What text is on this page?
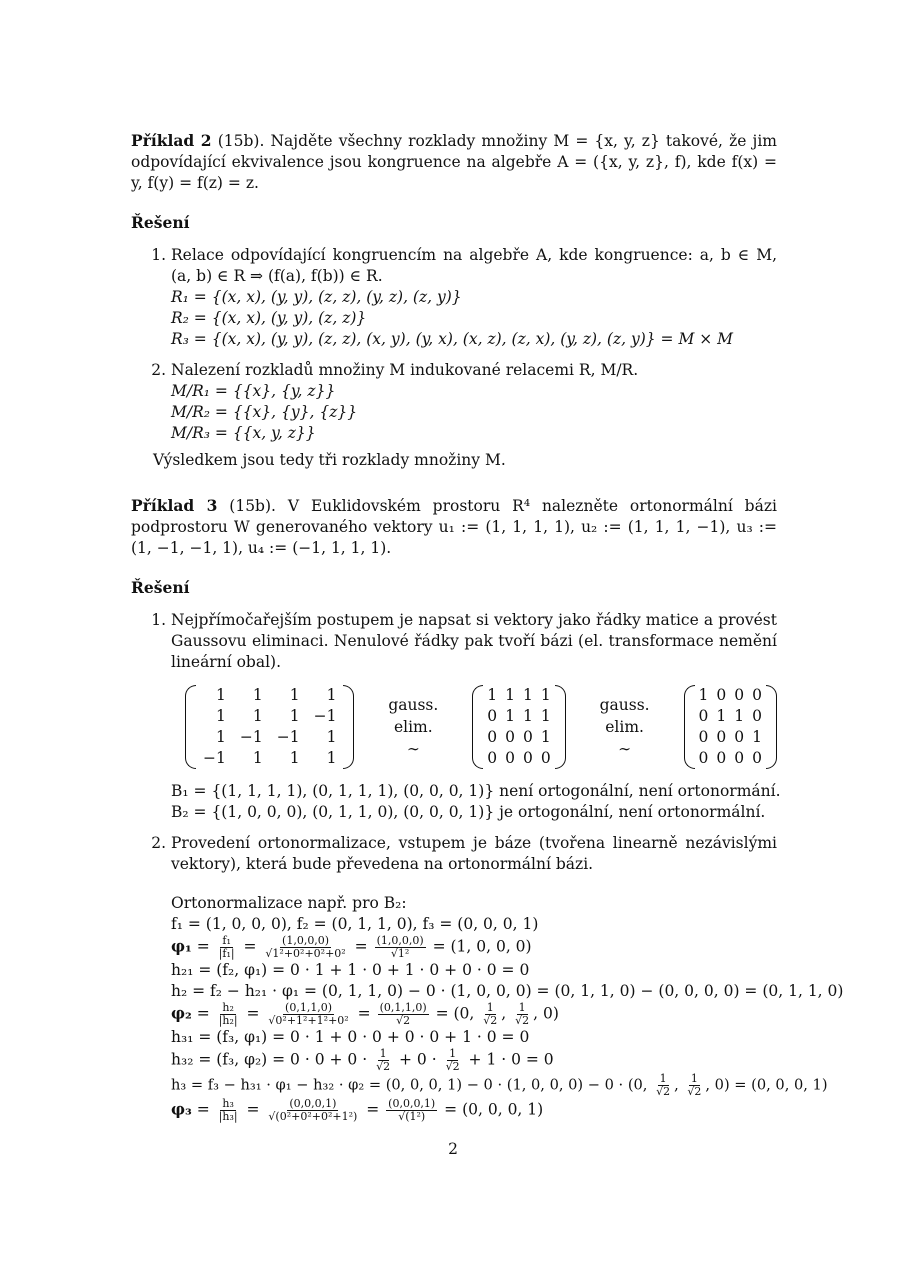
Příklad 2 (15b). Najděte všechny rozklady množiny M = {x, y, z} takové, že jim odpovídající ekvivalence jsou kongruence na algebře A = ({x, y, z}, f), kde f(x) = y, f(y) = f(z) = z.

Řešení

1. Relace odpovídající kongruencím na algebře A, kde kongruence: a, b ∈ M, (a, b) ∈ R ⇒ (f(a), f(b)) ∈ R.
R₁ = {(x, x), (y, y), (z, z), (y, z), (z, y)}
R₂ = {(x, x), (y, y), (z, z)}
R₃ = {(x, x), (y, y), (z, z), (x, y), (y, x), (x, z), (z, x), (y, z), (z, y)} = M × M
2. Nalezení rozkladů množiny M indukované relacemi R, M/R.
M/R₁ = {{x}, {y, z}}
M/R₂ = {{x}, {y}, {z}}
M/R₃ = {{x, y, z}}

Výsledkem jsou tedy tři rozklady množiny M.

Příklad 3 (15b). V Euklidovském prostoru R⁴ nalezněte ortonormální bázi podprostoru W generovaného vektory u₁ := (1, 1, 1, 1), u₂ := (1, 1, 1, −1), u₃ := (1, −1, −1, 1), u₄ := (−1, 1, 1, 1).

Řešení

1. Nejpřímočařejším postupem je napsat si vektory jako řádky matice a provést Gaussovu eliminaci. Nenulové řádky pak tvoří bázi (el. transformace nemění lineární obal).
1	1	1	1
1	1	1	−1
1	−1	−1	1
−1	1	1	1
gauss. elim.
∼
1	1	1	1
0	1	1	1
0	0	0	1
0	0	0	0
gauss. elim.
∼
1	0	0	0
0	1	1	0
0	0	0	1
0	0	0	0
B₁ = {(1, 1, 1, 1), (0, 1, 1, 1), (0, 0, 0, 1)} není ortogonální, není ortonormání.
B₂ = {(1, 0, 0, 0), (0, 1, 1, 0), (0, 0, 0, 1)} je ortogonální, není ortonormální.
2. Provedení ortonormalizace, vstupem je báze (tvořena linearně nezávislými vektory), která bude převedena na ortonormální bázi.
Ortonormalizace např. pro B₂:
f₁ = (1, 0, 0, 0), f₂ = (0, 1, 1, 0), f₃ = (0, 0, 0, 1)
$\varphi_1 = \frac{\text{f₁}}{\text{|f₁|}} = \frac{(1,0,0,0)}{\text{√1²+0²+0²+0²}} = \frac{(1,0,0,0)}{\text{√1²}} = (1$, 0, 0, 0)
h₂₁ = (f₂, φ₁) = 0 · 1 + 1 · 0 + 1 · 0 + 0 · 0 = 0
h₂ = f₂ − h₂₁ · φ₁ = (0, 1, 1, 0) − 0 · (1, 0, 0, 0) = (0, 1, 1, 0) − (0, 0, 0, 0) = (0, 1, 1, 0)
$\varphi_2 = \frac{\text{h₂}}{\text{|h₂|}} = \frac{(0,1,1,0)}{\text{√0²+1²+1²+0²}} = \frac{(0,1,1,0)}{√2} = (0$, $\frac{1}{√2}$ , $\frac{1}{√2}$ , 0)
h₃₁ = (f₃, φ₁) = 0 · 1 + 0 · 0 + 0 · 0 + 1 · 0 = 0
h₃₂ = (f₃, $\varphi_2) = 0 \cdot 0 + 0 \cdot \frac{1}{√2} + 0 \cdot \frac{1}{√2} + 1 \cdot 0 = 0$
h₃ = f₃ − h₃₁ · φ₁ − h₃₂ · φ₂ = (0, 0, 0, 1) − 0 · (1, 0, 0, 0) − 0 · (0, $\frac{1}{√2}$ , $\frac{1}{√2}$ , 0) = (0, 0, 0, 1)
$\varphi_3 = \frac{\text{h₃}}{\text{|h₃|}} = \frac{(0,0,0,1)}{\text{√(0²+0²+0²+1²)}} = \frac{(0,0,0,1)}{\text{√(1²)}} = (0$, 0, 0, 1)
2
